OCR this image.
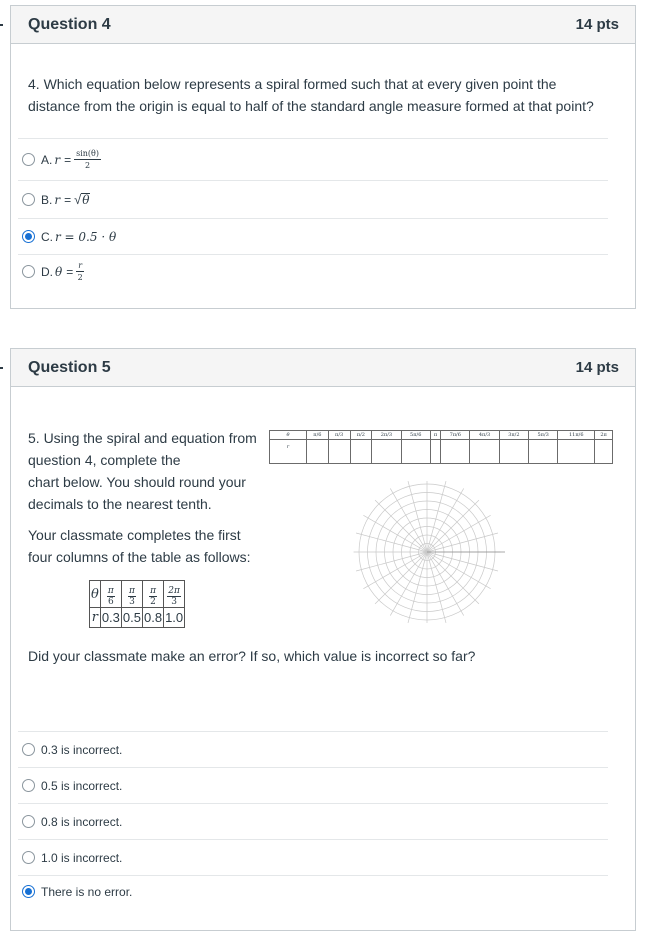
Question 4	14 pts
4. Which equation below represents a spiral formed such that at every given point the
distance from the origin is equal to half of the standard angle measure formed at that point?
A. $r = \frac{\sin(\theta)}{2}$
B. r = √ θ
C. r = 0.5 · θ
D. $\theta = \frac{r}{2}$
Question 5	14 pts
5. Using the spiral and equation from
question 4, complete the
chart below. You should round your
decimals to the nearest tenth.
Your classmate completes the first
four columns of the table as follows:
θ	$\frac{\pi}{6}$	$\frac{\pi}{3}$	$\frac{\pi}{2}$	$\frac{2\pi}{3}$

r	0.3	0.5	0.8	1.0
θ	π/6	π/3	π/2	2π/3	5π/6	π	7π/6	4π/3	3π/2	5π/3	11π/6	2π
r												
Did your classmate make an error? If so, which value is incorrect so far?
0.3 is incorrect.
0.5 is incorrect.
0.8 is incorrect.
1.0 is incorrect.
There is no error.
